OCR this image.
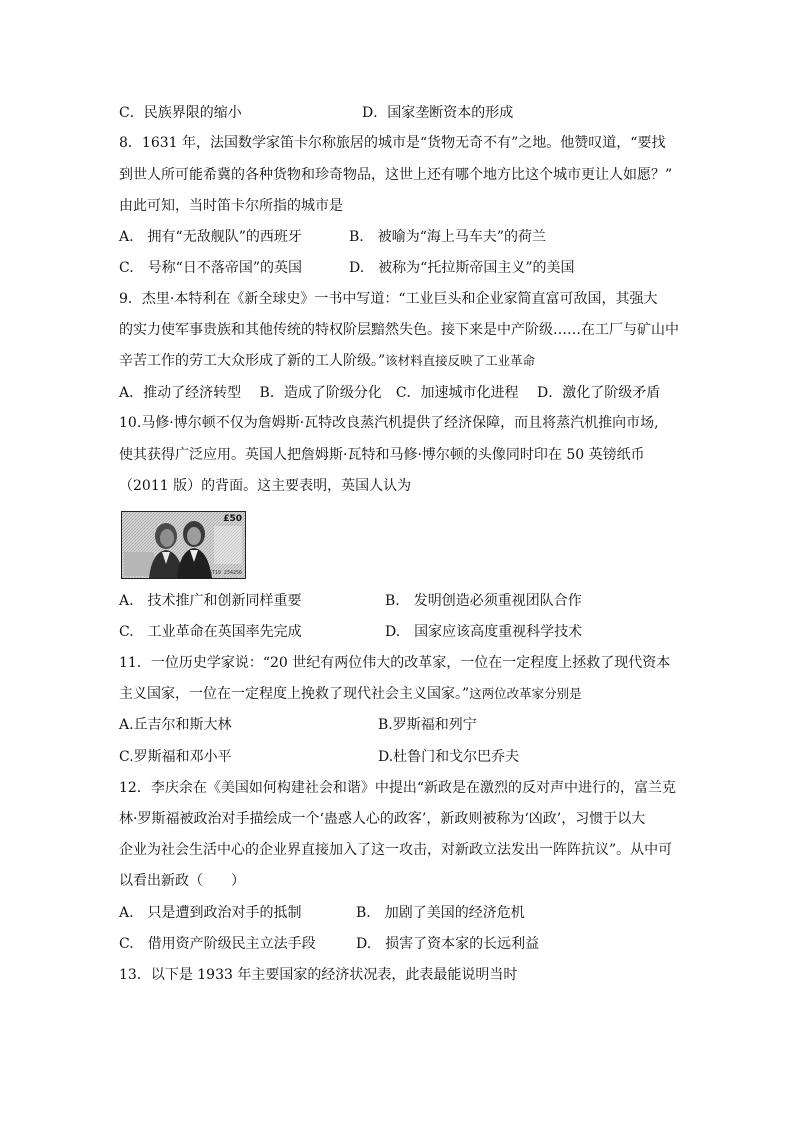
C．民族界限的缩小	D．国家垄断资本的形成
8．1631 年，法国数学家笛卡尔称旅居的城市是“货物无奇不有”之地。他赞叹道，“要找
到世人所可能希冀的各种货物和珍奇物品，这世上还有哪个地方比这个城市更让人如愿？”
由此可知，当时笛卡尔所指的城市是
A.　拥有“无敌舰队”的西班牙	B.　被喻为“海上马车夫”的荷兰
C.　号称“日不落帝国”的英国	D.　被称为“托拉斯帝国主义”的美国
9．杰里·本特利在《新全球史》一书中写道：“工业巨头和企业家简直富可敌国，其强大
的实力使军事贵族和其他传统的特权阶层黯然失色。接下来是中产阶级……在工厂与矿山中
辛苦工作的劳工大众形成了新的工人阶级。”该材料直接反映了工业革命
A．推动了经济转型　 B．造成了阶级分化　C．加速城市化进程　 D．激化了阶级矛盾
10.马修·博尔顿不仅为詹姆斯·瓦特改良蒸汽机提供了经济保障，而且将蒸汽机推向市场,
使其获得广泛应用。英国人把詹姆斯·瓦特和马修·博尔顿的头像同时印在 50 英镑纸币
（2011 版）的背面。这主要表明，英国人认为
£50
AT19 234256
A.　技术推广和创新同样重要	B.　发明创造必须重视团队合作
C.　工业革命在英国率先完成	D.　国家应该高度重视科学技术
11．一位历史学家说：“20 世纪有两位伟大的改革家，一位在一定程度上拯救了现代资本
主义国家，一位在一定程度上挽救了现代社会主义国家。”这两位改革家分别是
A.丘吉尔和斯大林	B.罗斯福和列宁
C.罗斯福和邓小平	D.杜鲁门和戈尔巴乔夫
12．李庆余在《美国如何构建社会和谐》中提出“新政是在激烈的反对声中进行的，富兰克
林·罗斯福被政治对手描绘成一个‘蛊惑人心的政客’，新政则被称为‘凶政’，习惯于以大
企业为社会生活中心的企业界直接加入了这一攻击，对新政立法发出一阵阵抗议”。从中可
以看出新政（　　）
A.　只是遭到政治对手的抵制	B.　加剧了美国的经济危机
C.　借用资产阶级民主立法手段	D.　损害了资本家的长远利益
13．以下是 1933 年主要国家的经济状况表，此表最能说明当时
